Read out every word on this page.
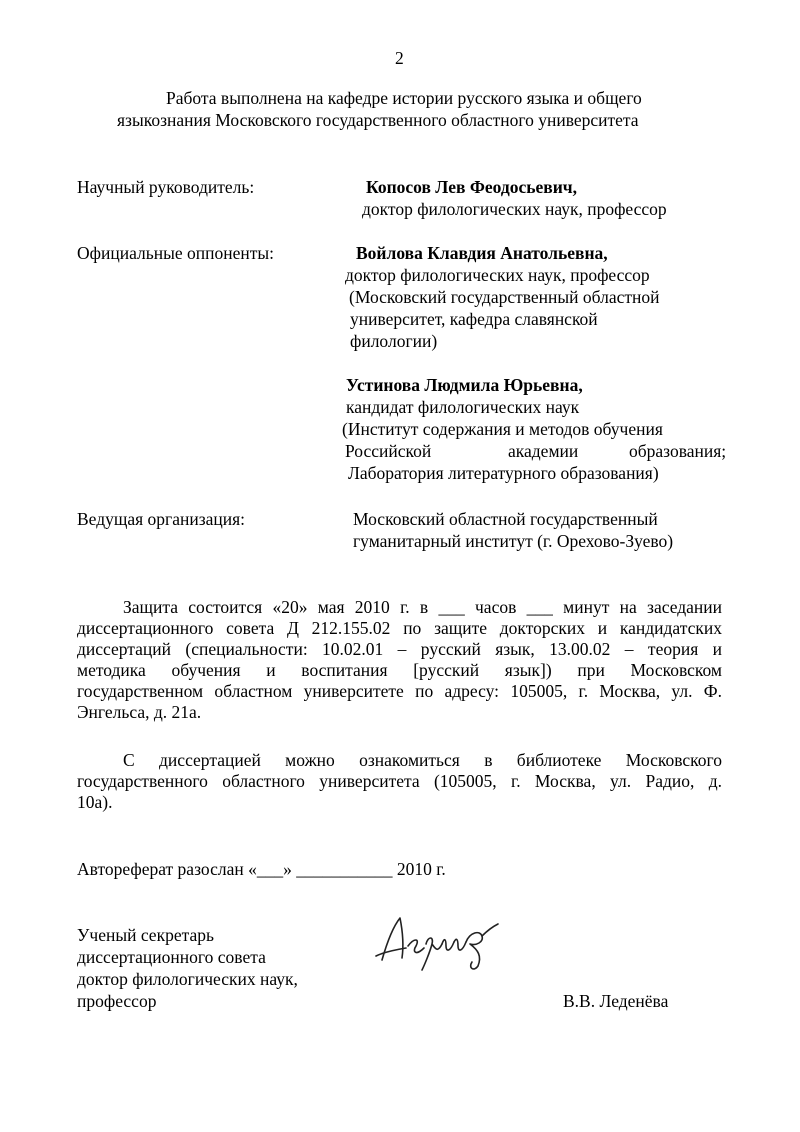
2
Работа выполнена на кафедре истории русского языка и общего
языкознания Московского государственного областного университета
Научный руководитель:	Копосов Лев Феодосьевич,
доктор филологических наук, профессор
Официальные оппоненты:	Войлова Клавдия Анатольевна,
доктор филологических наук, профессор
(Московский государственный областной
университет, кафедра славянской
филологии)
Устинова Людмила Юрьевна,
кандидат филологических наук
(Институт содержания и методов обучения
Российской	академии	образования;
Лаборатория литературного образования)
Ведущая организация:	Московский областной государственный
гуманитарный институт (г. Орехово-Зуево)
Защита состоится «20» мая 2010 г. в ___ часов ___ минут на заседании
диссертационного совета Д 212.155.02 по защите докторских и кандидатских
диссертаций (специальности: 10.02.01 – русский язык, 13.00.02 – теория и
методика обучения и воспитания [русский язык]) при Московском
государственном областном университете по адресу: 105005, г. Москва, ул. Ф.
Энгельса, д. 21а.
С диссертацией можно ознакомиться в библиотеке Московского
государственного областного университета (105005, г. Москва, ул. Радио, д.
10а).
Автореферат разослан «___» ___________ 2010 г.
Ученый секретарь
диссертационного совета
доктор филологических наук,
профессор	В.В. Леденёва
